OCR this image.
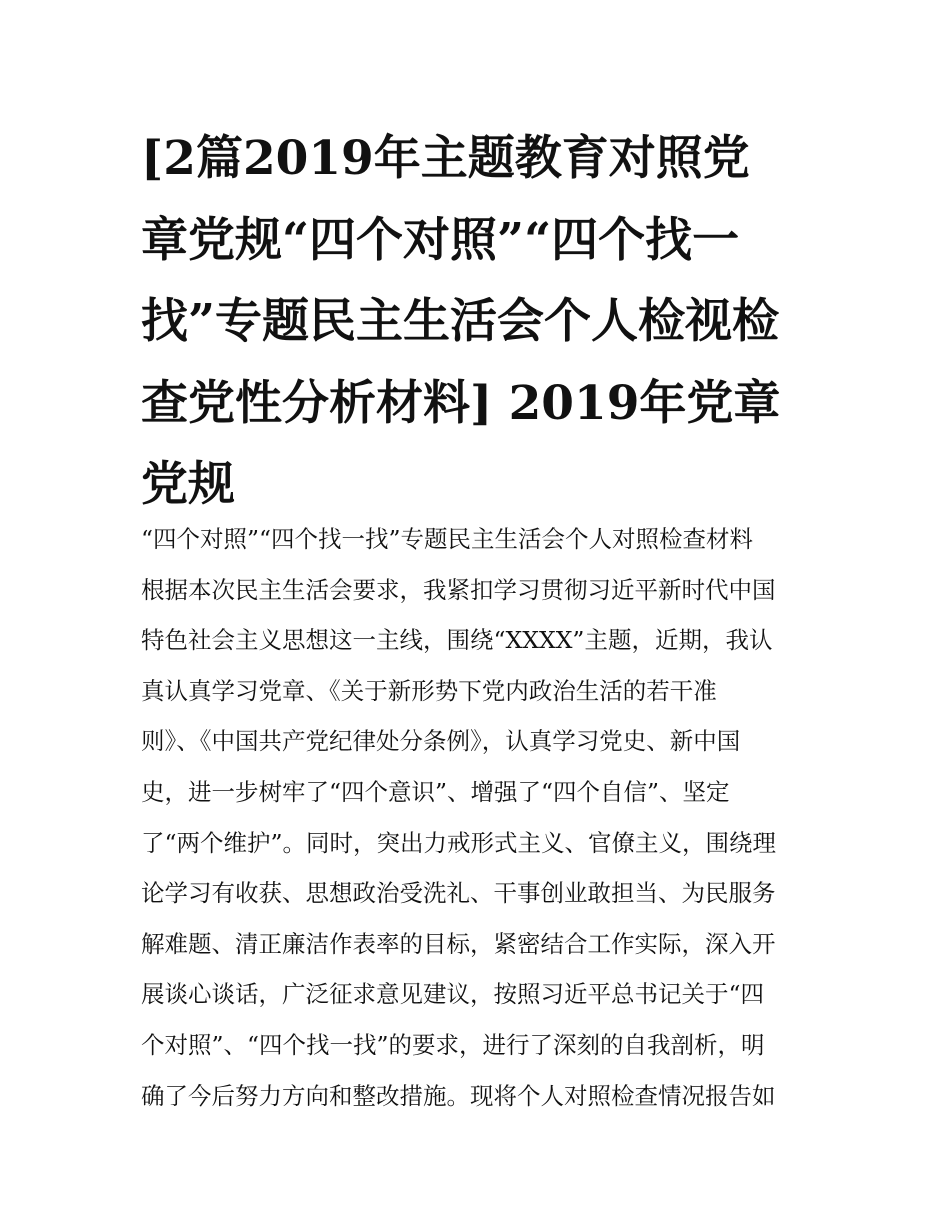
[2篇2019年主题教育对照党
章党规“四个对照”“四个找一
找”专题民主生活会个人检视检
查党性分析材料] 2019年党章
党规
“四个对照”“四个找一找”专题民主生活会个人对照检查材料
根据本次民主生活会要求，我紧扣学习贯彻习近平新时代中国
特色社会主义思想这一主线，围绕“XXXX”主题，近期，我认
真认真学习党章、《关于新形势下党内政治生活的若干准
则》、《中国共产党纪律处分条例》，认真学习党史、新中国
史，进一步树牢了“四个意识”、增强了“四个自信”、坚定
了“两个维护”。同时，突出力戒形式主义、官僚主义，围绕理
论学习有收获、思想政治受洗礼、干事创业敢担当、为民服务
解难题、清正廉洁作表率的目标，紧密结合工作实际，深入开
展谈心谈话，广泛征求意见建议，按照习近平总书记关于“四
个对照”、“四个找一找”的要求，进行了深刻的自我剖析，明
确了今后努力方向和整改措施。现将个人对照检查情况报告如
